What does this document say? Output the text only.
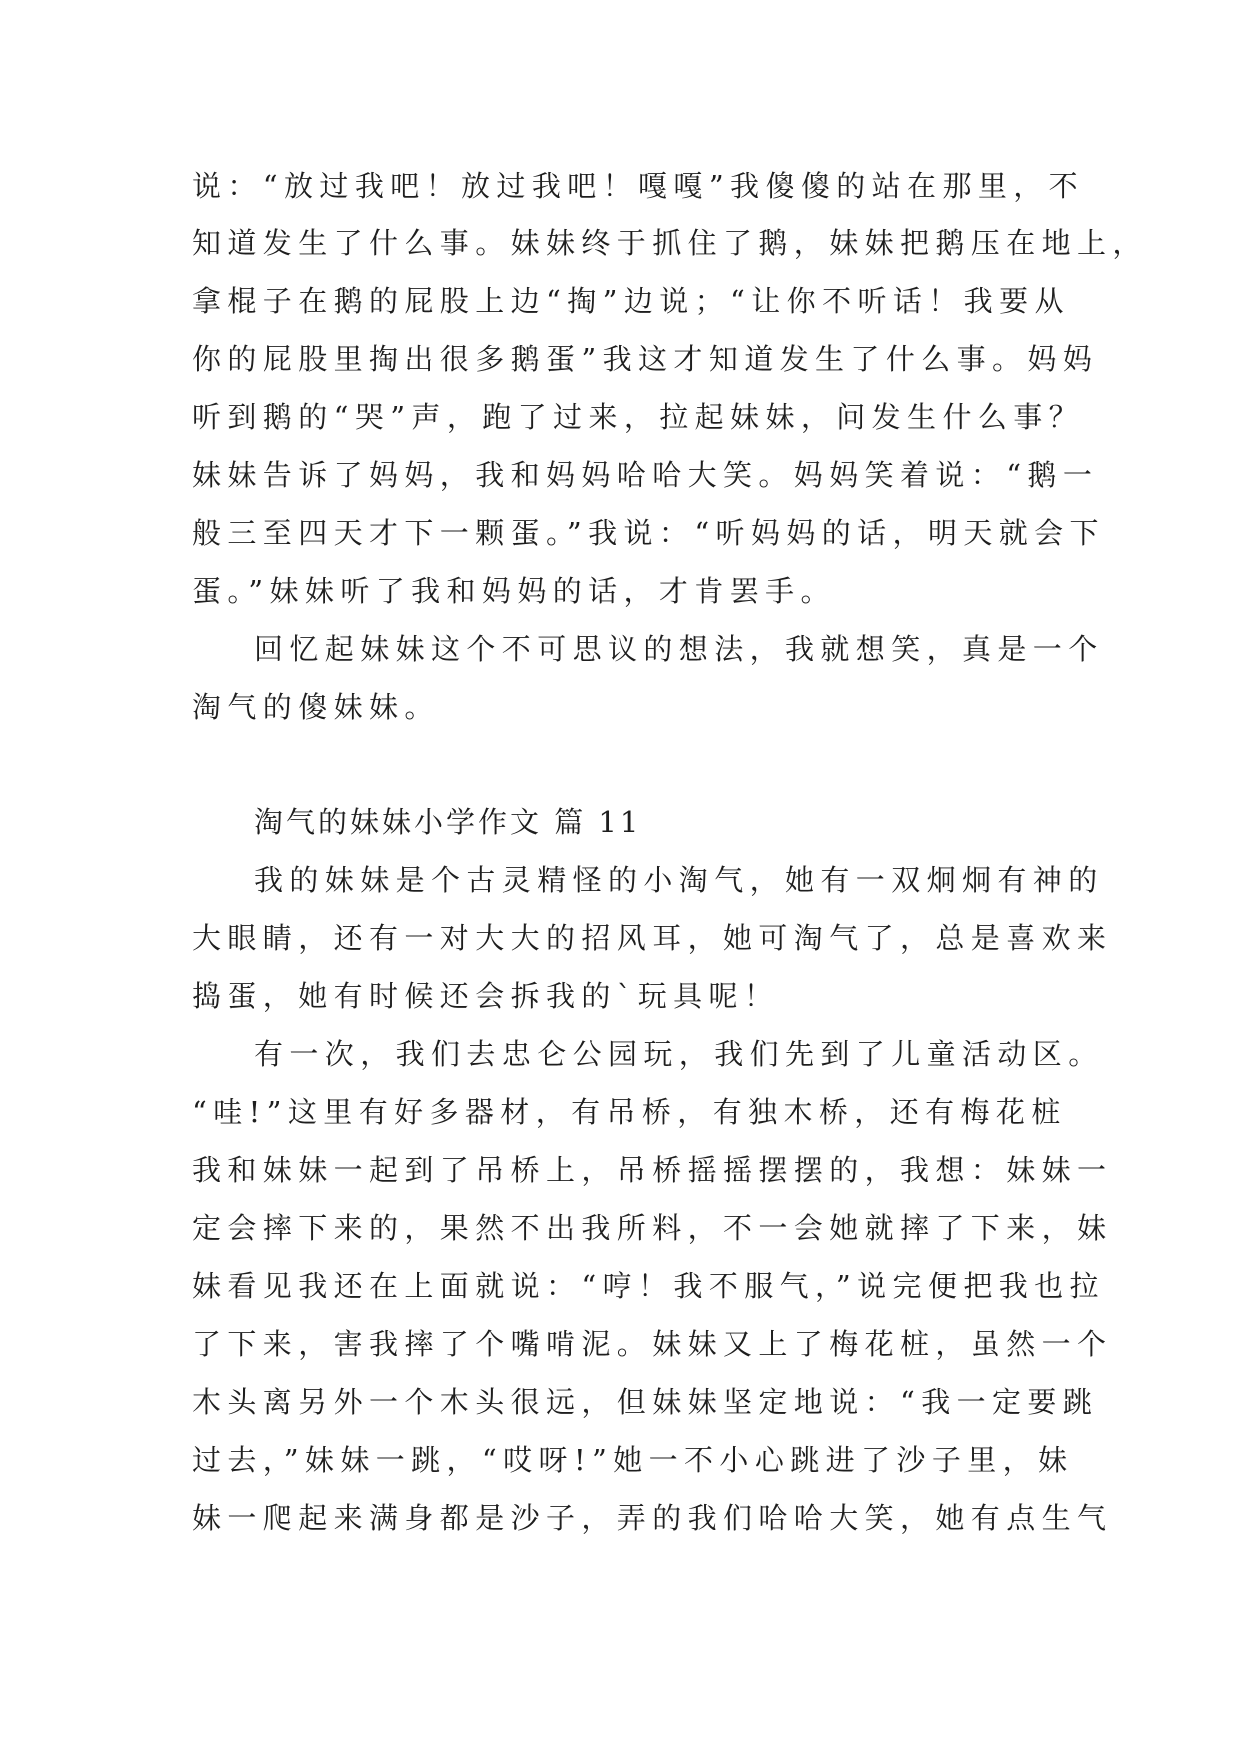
说：“放过我吧！放过我吧！嘎嘎”我傻傻的站在那里，不
知道发生了什么事。妹妹终于抓住了鹅，妹妹把鹅压在地上，
拿棍子在鹅的屁股上边“掏”边说；“让你不听话！我要从
你的屁股里掏出很多鹅蛋”我这才知道发生了什么事。妈妈
听到鹅的“哭”声，跑了过来，拉起妹妹，问发生什么事？
妹妹告诉了妈妈，我和妈妈哈哈大笑。妈妈笑着说：“鹅一
般三至四天才下一颗蛋。”我说：“听妈妈的话，明天就会下
蛋。”妹妹听了我和妈妈的话，才肯罢手。
回忆起妹妹这个不可思议的想法，我就想笑，真是一个
淘气的傻妹妹。
淘气的妹妹小学作文 篇 11
我的妹妹是个古灵精怪的小淘气，她有一双炯炯有神的
大眼睛，还有一对大大的招风耳，她可淘气了，总是喜欢来
捣蛋，她有时候还会拆我的`玩具呢！
有一次，我们去忠仑公园玩，我们先到了儿童活动区。
“哇!”这里有好多器材，有吊桥，有独木桥，还有梅花桩
我和妹妹一起到了吊桥上，吊桥摇摇摆摆的，我想：妹妹一
定会摔下来的，果然不出我所料，不一会她就摔了下来，妹
妹看见我还在上面就说：“哼！我不服气，”说完便把我也拉
了下来，害我摔了个嘴啃泥。妹妹又上了梅花桩，虽然一个
木头离另外一个木头很远，但妹妹坚定地说：“我一定要跳
过去，”妹妹一跳，“哎呀!”她一不小心跳进了沙子里，妹
妹一爬起来满身都是沙子，弄的我们哈哈大笑，她有点生气
